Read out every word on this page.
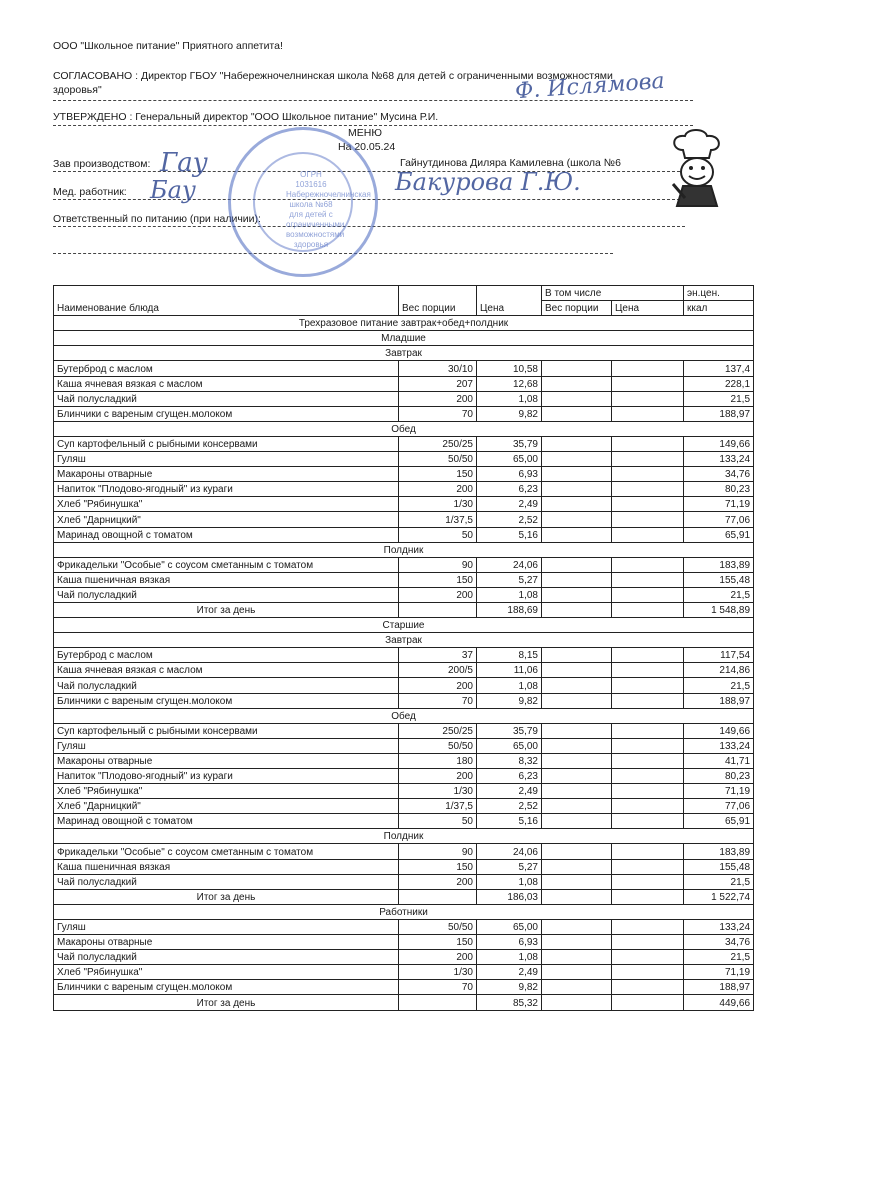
ООО "Школьное питание" Приятного аппетита!
СОГЛАСОВАНО : Директор ГБОУ "Набережночелнинская школа №68 для детей с ограниченными возможностями
здоровья"
УТВЕРЖДЕНО : Генеральный директор "ООО Школьное питание" Мусина Р.И.
МЕНЮ
На 20.05.24
Зав производством:	Гайнутдинова Диляра Камилевна (школа №6
Мед. работник:
Ответственный по питанию (при наличии):
Ф. Ислямова
Бакурова Г.Ю.
Гау
Бау
ОГРН 1031616 Набережночелнинская школа №68 для детей с ограниченными возможностями здоровья
Наименование блюда	Вес порции	Цена	В том числе		эн.цен.
			Вес порции	Цена	ккал
Трехразовое питание завтрак+обед+полдник					
Младшие					
Завтрак					
Бутерброд с маслом	30/10	10,58			137,4
Каша ячневая вязкая с маслом	207	12,68			228,1
Чай полусладкий	200	1,08			21,5
Блинчики с вареным сгущен.молоком	70	9,82			188,97
Обед					
Суп картофельный с рыбными консервами	250/25	35,79			149,66
Гуляш	50/50	65,00			133,24
Макароны отварные	150	6,93			34,76
Напиток "Плодово-ягодный" из кураги	200	6,23			80,23
Хлеб "Рябинушка"	1/30	2,49			71,19
Хлеб "Дарницкий"	1/37,5	2,52			77,06
Маринад овощной с томатом	50	5,16			65,91
Полдник					
Фрикадельки "Особые" с соусом сметанным с томатом	90	24,06			183,89
Каша пшеничная вязкая	150	5,27			155,48
Чай полусладкий	200	1,08			21,5
Итог за день		188,69			1 548,89
Старшие					
Завтрак					
Бутерброд с маслом	37	8,15			117,54
Каша ячневая вязкая с маслом	200/5	11,06			214,86
Чай полусладкий	200	1,08			21,5
Блинчики с вареным сгущен.молоком	70	9,82			188,97
Обед					
Суп картофельный с рыбными консервами	250/25	35,79			149,66
Гуляш	50/50	65,00			133,24
Макароны отварные	180	8,32			41,71
Напиток "Плодово-ягодный" из кураги	200	6,23			80,23
Хлеб "Рябинушка"	1/30	2,49			71,19
Хлеб "Дарницкий"	1/37,5	2,52			77,06
Маринад овощной с томатом	50	5,16			65,91
Полдник					
Фрикадельки "Особые" с соусом сметанным с томатом	90	24,06			183,89
Каша пшеничная вязкая	150	5,27			155,48
Чай полусладкий	200	1,08			21,5
Итог за день		186,03			1 522,74
Работники					
Гуляш	50/50	65,00			133,24
Макароны отварные	150	6,93			34,76
Чай полусладкий	200	1,08			21,5
Хлеб "Рябинушка"	1/30	2,49			71,19
Блинчики с вареным сгущен.молоком	70	9,82			188,97
Итог за день		85,32			449,66
